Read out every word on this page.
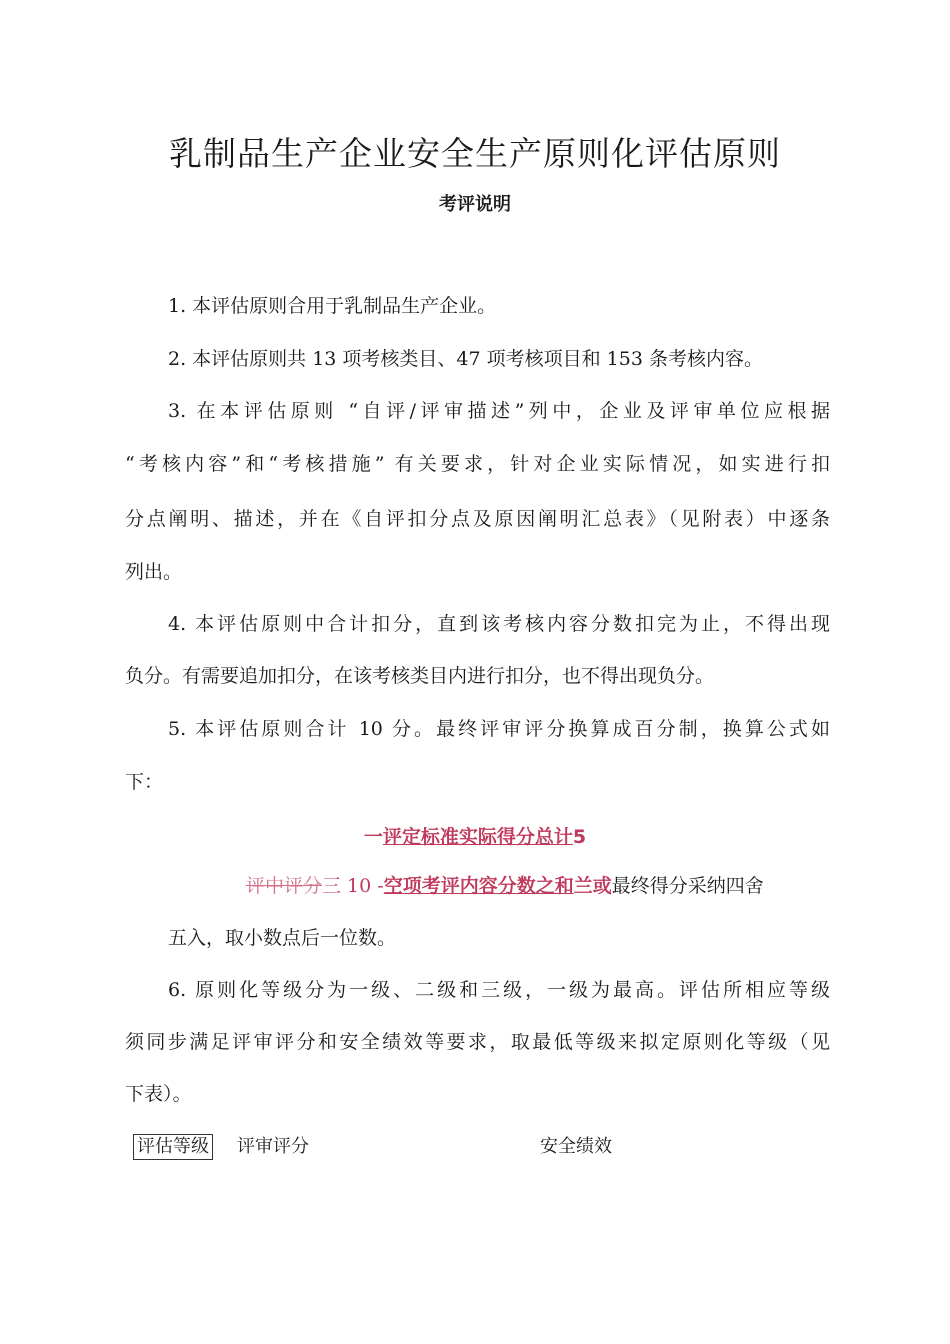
乳制品生产企业安全生产原则化评估原则
考评说明
1. 本评估原则合用于乳制品生产企业。
2. 本评估原则共 13 项考核类目、47 项考核项目和 153 条考核内容。
3. 在本评估原则 “自评/评审描述”列中，企业及评审单位应根据
“考核内容”和“考核措施” 有关要求，针对企业实际情况，如实进行扣
分点阐明、描述，并在《自评扣分点及原因阐明汇总表》（见附表）中逐条
列出。
4. 本评估原则中合计扣分，直到该考核内容分数扣完为止，不得出现
负分。有需要追加扣分，在该考核类目内进行扣分，也不得出现负分。
5. 本评估原则合计 10 分。最终评审评分换算成百分制，换算公式如
下：
一评定标准实际得分总计5
评中评分三 10 -空项考评内容分数之和兰或最终得分采纳四舍
五入，取小数点后一位数。
6. 原则化等级分为一级、二级和三级，一级为最高。评估所相应等级
须同步满足评审评分和安全绩效等要求，取最低等级来拟定原则化等级（见
下表）。
评估等级 评审评分	安全绩效
